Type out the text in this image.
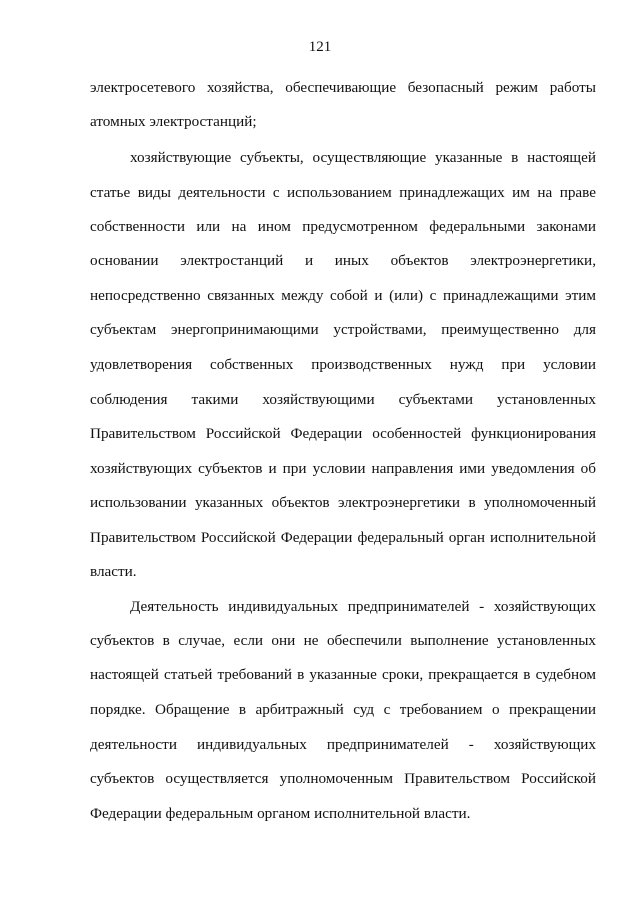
121
электросетевого хозяйства, обеспечивающие безопасный режим работы
атомных электростанций;
хозяйствующие субъекты, осуществляющие указанные в настоящей
статье виды деятельности с использованием принадлежащих им на праве
собственности или на ином предусмотренном федеральными законами
основании электростанций и иных объектов электроэнергетики,
непосредственно связанных между собой и (или) с принадлежащими этим
субъектам энергопринимающими устройствами, преимущественно для
удовлетворения собственных производственных нужд при условии
соблюдения такими хозяйствующими субъектами установленных
Правительством Российской Федерации особенностей функционирования
хозяйствующих субъектов и при условии направления ими уведомления об
использовании указанных объектов электроэнергетики в уполномоченный
Правительством Российской Федерации федеральный орган исполнительной
власти.
Деятельность индивидуальных предпринимателей - хозяйствующих
субъектов в случае, если они не обеспечили выполнение установленных
настоящей статьей требований в указанные сроки, прекращается в судебном
порядке. Обращение в арбитражный суд с требованием о прекращении
деятельности индивидуальных предпринимателей - хозяйствующих
субъектов осуществляется уполномоченным Правительством Российской
Федерации федеральным органом исполнительной власти.
